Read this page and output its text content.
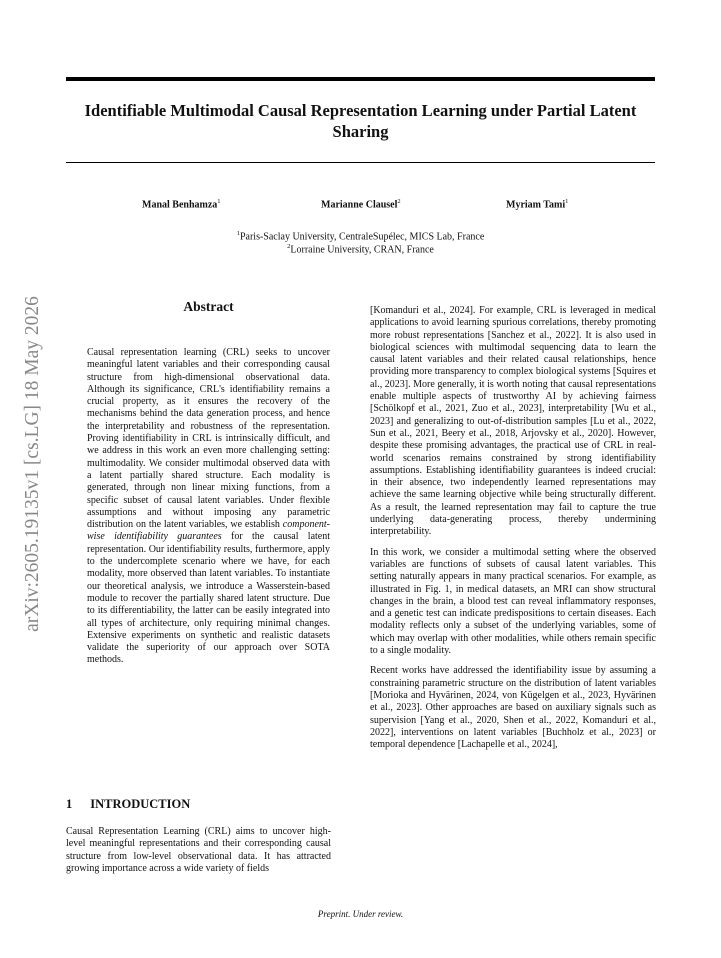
Identifiable Multimodal Causal Representation Learning under Partial Latent Sharing
Manal Benhamza$^1$	Marianne Clausel$^2$	Myriam Tami$^1$
$^1$Paris-Saclay University, CentraleSupélec, MICS Lab, France
$^2$Lorraine University, CRAN, France
arXiv:2605.19135v1 [cs.LG] 18 May 2026	Abstract

Causal representation learning (CRL) seeks to uncover meaningful latent variables and their corresponding causal structure from high-dimensional observational data. Although its significance, CRL's identifiability remains a crucial property, as it ensures the recovery of the mechanisms behind the data generation process, and hence the interpretability and robustness of the representation. Proving identifiability in CRL is intrinsically difficult, and we address in this work an even more challenging setting: multimodality. We consider multimodal observed data with a latent partially shared structure. Each modality is generated, through non linear mixing functions, from a specific subset of causal latent variables. Under flexible assumptions and without imposing any parametric distribution on the latent variables, we establish component-wise identifiability guarantees for the causal latent representation. Our identifiability results, furthermore, apply to the undercomplete scenario where we have, for each modality, more observed than latent variables. To instantiate our theoretical analysis, we introduce a Wasserstein-based module to recover the partially shared latent structure. Due to its differentiability, the latter can be easily integrated into all types of architecture, only requiring minimal changes. Extensive experiments on synthetic and realistic datasets validate the superiority of our approach over SOTA methods.

1 INTRODUCTION

Causal Representation Learning (CRL) aims to uncover high-level meaningful representations and their corresponding causal structure from low-level observational data. It has attracted growing importance across a wide variety of fields

[Komanduri et al., 2024]. For example, CRL is leveraged in medical applications to avoid learning spurious correlations, thereby promoting more robust representations [Sanchez et al., 2022]. It is also used in biological sciences with multimodal sequencing data to learn the causal latent variables and their related causal relationships, hence providing more transparency to complex biological systems [Squires et al., 2023]. More generally, it is worth noting that causal representations enable multiple aspects of trustworthy AI by achieving fairness [Schölkopf et al., 2021, Zuo et al., 2023], interpretability [Wu et al., 2023] and generalizing to out-of-distribution samples [Lu et al., 2022, Sun et al., 2021, Beery et al., 2018, Arjovsky et al., 2020]. However, despite these promising advantages, the practical use of CRL in real-world scenarios remains constrained by strong identifiability assumptions. Establishing identifiability guarantees is indeed crucial: in their absence, two independently learned representations may achieve the same learning objective while being structurally different. As a result, the learned representation may fail to capture the true underlying data-generating process, thereby undermining interpretability.

In this work, we consider a multimodal setting where the observed variables are functions of subsets of causal latent variables. This setting naturally appears in many practical scenarios. For example, as illustrated in Fig. 1, in medical datasets, an MRI can show structural changes in the brain, a blood test can reveal inflammatory responses, and a genetic test can indicate predispositions to certain diseases. Each modality reflects only a subset of the underlying variables, some of which may overlap with other modalities, while others remain specific to a single modality.

Recent works have addressed the identifiability issue by assuming a constraining parametric structure on the distribution of latent variables [Morioka and Hyvärinen, 2024, von Kügelgen et al., 2023, Hyvärinen et al., 2023]. Other approaches are based on auxiliary signals such as supervision [Yang et al., 2020, Shen et al., 2022, Komanduri et al., 2022], interventions on latent variables [Buchholz et al., 2023] or temporal dependence [Lachapelle et al., 2024],

Preprint. Under review.
